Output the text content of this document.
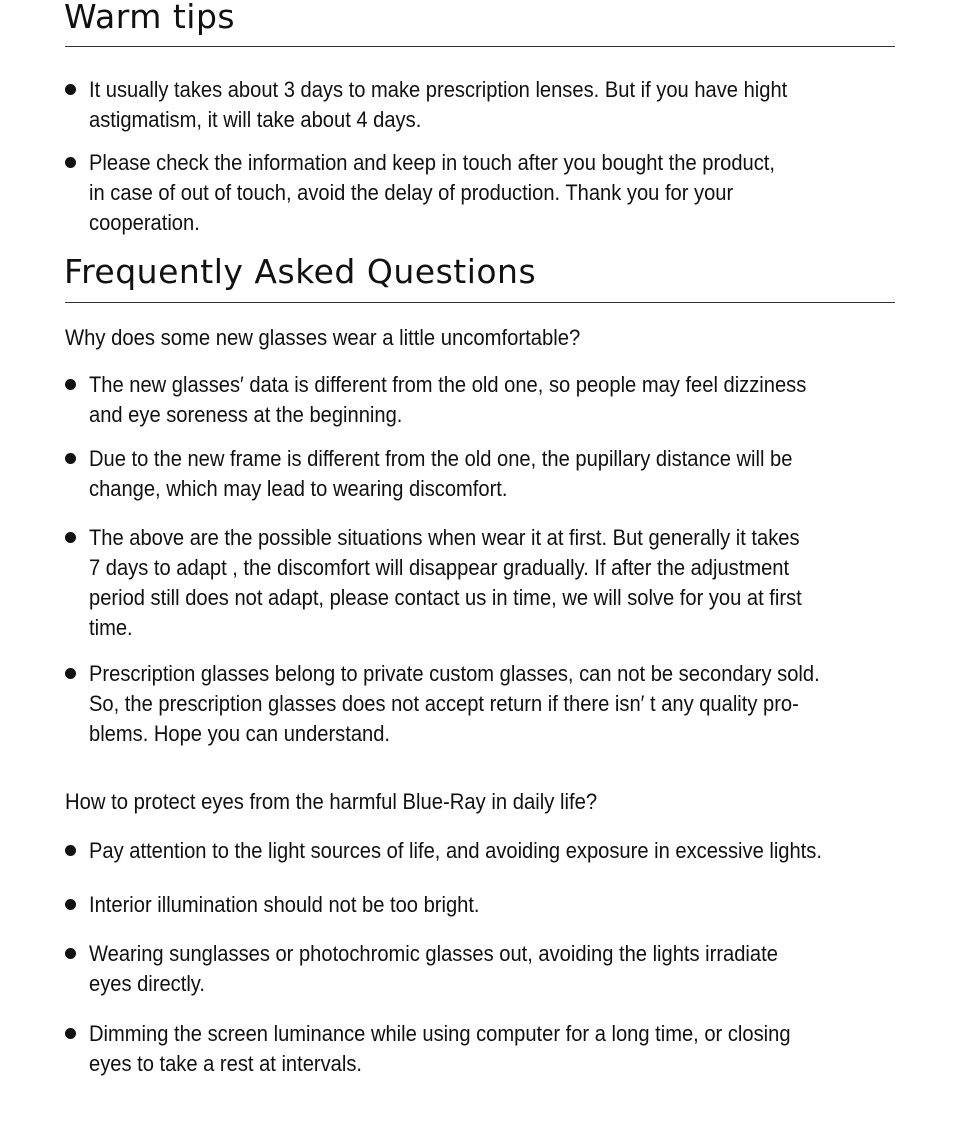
Warm tips

It usually takes about 3 days to make prescription lenses. But if you have hight
astigmatism, it will take about 4 days.

Please check the information and keep in touch after you bought the product,
in case of out of touch, avoid the delay of production. Thank you for your
cooperation.

Frequently Asked Questions

Why does some new glasses wear a little uncomfortable?

The new glasses′ data is different from the old one, so people may feel dizziness
and eye soreness at the beginning.

Due to the new frame is different from the old one, the pupillary distance will be
change, which may lead to wearing discomfort.

The above are the possible situations when wear it at first. But generally it takes
7 days to adapt , the discomfort will disappear gradually. If after the adjustment
period still does not adapt, please contact us in time, we will solve for you at first
time.

Prescription glasses belong to private custom glasses, can not be secondary sold.
So, the prescription glasses does not accept return if there isn′ t any quality pro-
blems. Hope you can understand.

How to protect eyes from the harmful Blue-Ray in daily life?

Pay attention to the light sources of life, and avoiding exposure in excessive lights.

Interior illumination should not be too bright.

Wearing sunglasses or photochromic glasses out, avoiding the lights irradiate
eyes directly.

Dimming the screen luminance while using computer for a long time, or closing
eyes to take a rest at intervals.
